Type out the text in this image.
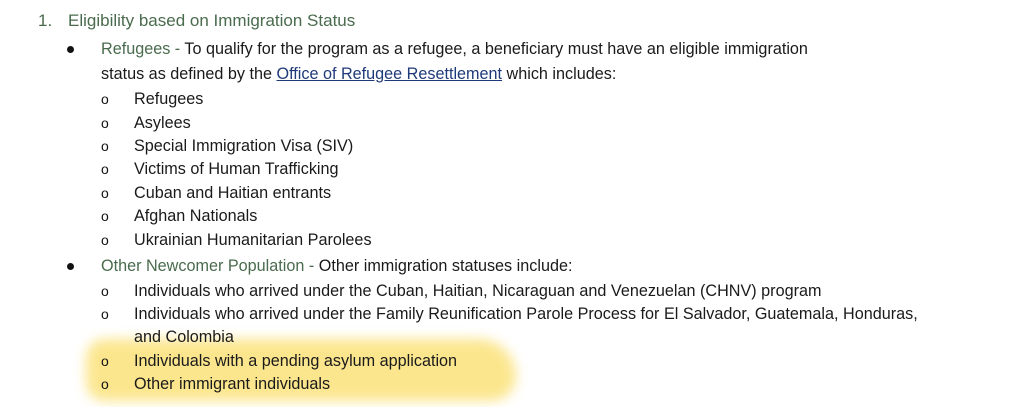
1. Eligibility based on Immigration Status
Refugees - To qualify for the program as a refugee, a beneficiary must have an eligible immigration
status as defined by the Office of Refugee Resettlement which includes:
o Refugees
o Asylees
o Special Immigration Visa (SIV)
o Victims of Human Trafficking
o Cuban and Haitian entrants
o Afghan Nationals
o Ukrainian Humanitarian Parolees
Other Newcomer Population - Other immigration statuses include:
o Individuals who arrived under the Cuban, Haitian, Nicaraguan and Venezuelan (CHNV) program
o Individuals who arrived under the Family Reunification Parole Process for El Salvador, Guatemala, Honduras,
and Colombia
o Individuals with a pending asylum application
o Other immigrant individuals
